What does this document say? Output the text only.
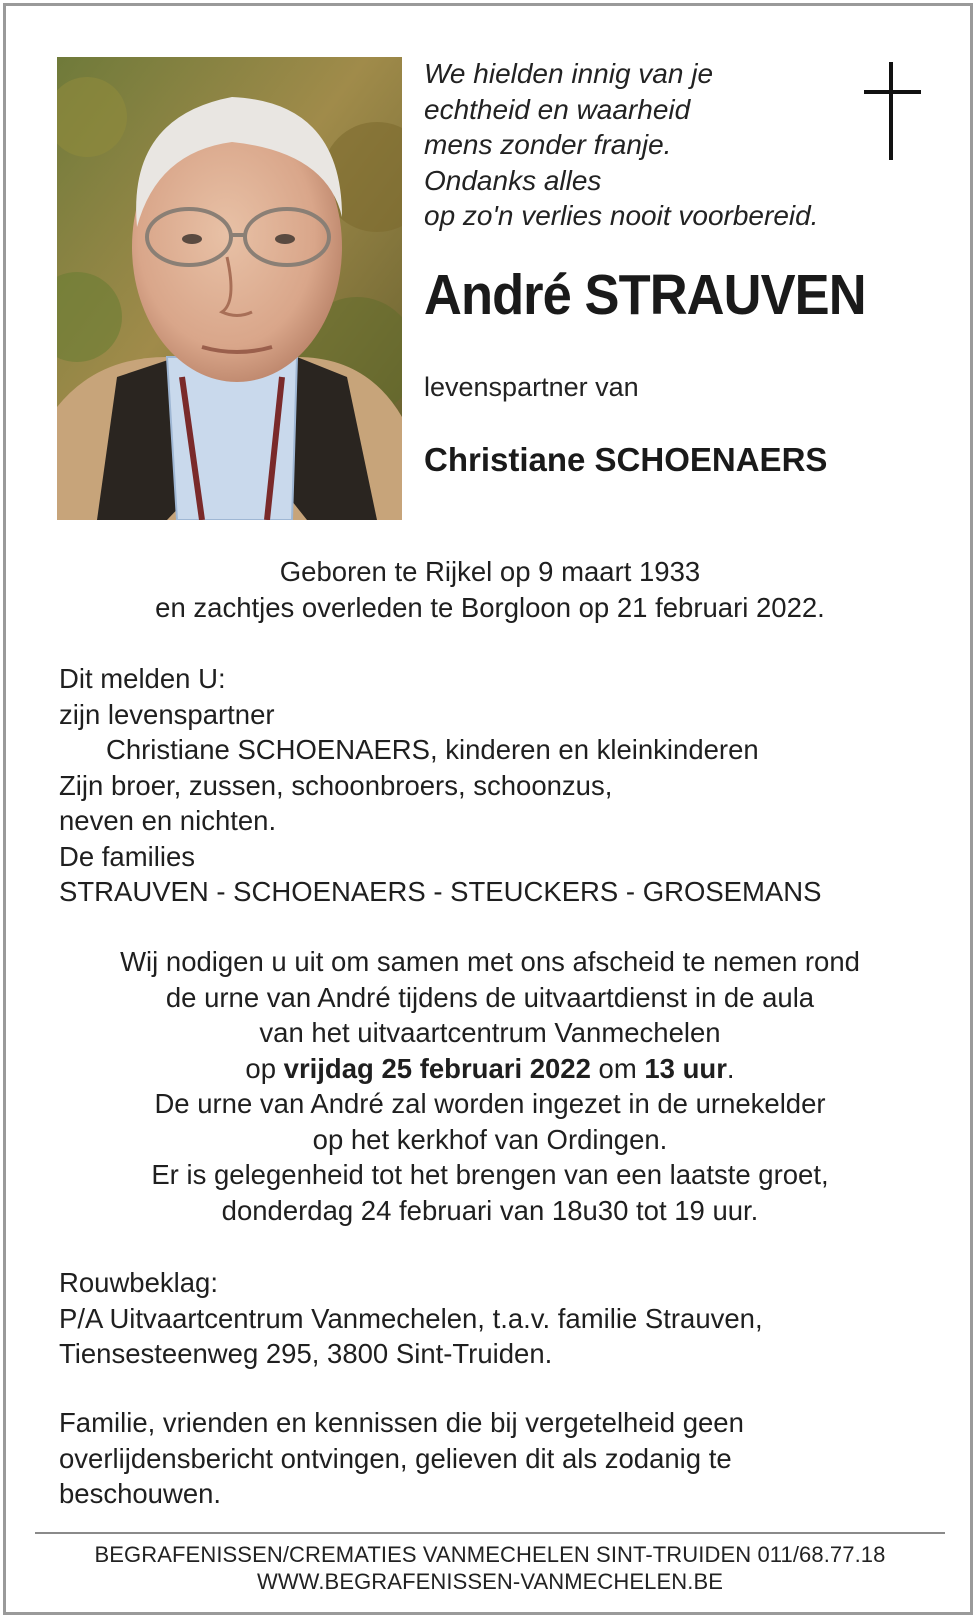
We hielden innig van je
echtheid en waarheid
mens zonder franje.
Ondanks alles
op zo'n verlies nooit voorbereid.
André STRAUVEN
levenspartner van
Christiane SCHOENAERS
Geboren te Rijkel op 9 maart 1933
en zachtjes overleden te Borgloon op 21 februari 2022.
Dit melden U:
zijn levenspartner
Christiane SCHOENAERS, kinderen en kleinkinderen
Zijn broer, zussen, schoonbroers, schoonzus,
neven en nichten.
De families
STRAUVEN - SCHOENAERS - STEUCKERS - GROSEMANS
Wij nodigen u uit om samen met ons afscheid te nemen rond
de urne van André tijdens de uitvaartdienst in de aula
van het uitvaartcentrum Vanmechelen
op vrijdag 25 februari 2022 om 13 uur.
De urne van André zal worden ingezet in de urnekelder
op het kerkhof van Ordingen.
Er is gelegenheid tot het brengen van een laatste groet,
donderdag 24 februari van 18u30 tot 19 uur.
Rouwbeklag:
P/A Uitvaartcentrum Vanmechelen, t.a.v. familie Strauven,
Tiensesteenweg 295, 3800 Sint-Truiden.
Familie, vrienden en kennissen die bij vergetelheid geen
overlijdensbericht ontvingen, gelieven dit als zodanig te
beschouwen.
BEGRAFENISSEN/CREMATIES VANMECHELEN SINT-TRUIDEN 011/68.77.18
WWW.BEGRAFENISSEN-VANMECHELEN.BE
